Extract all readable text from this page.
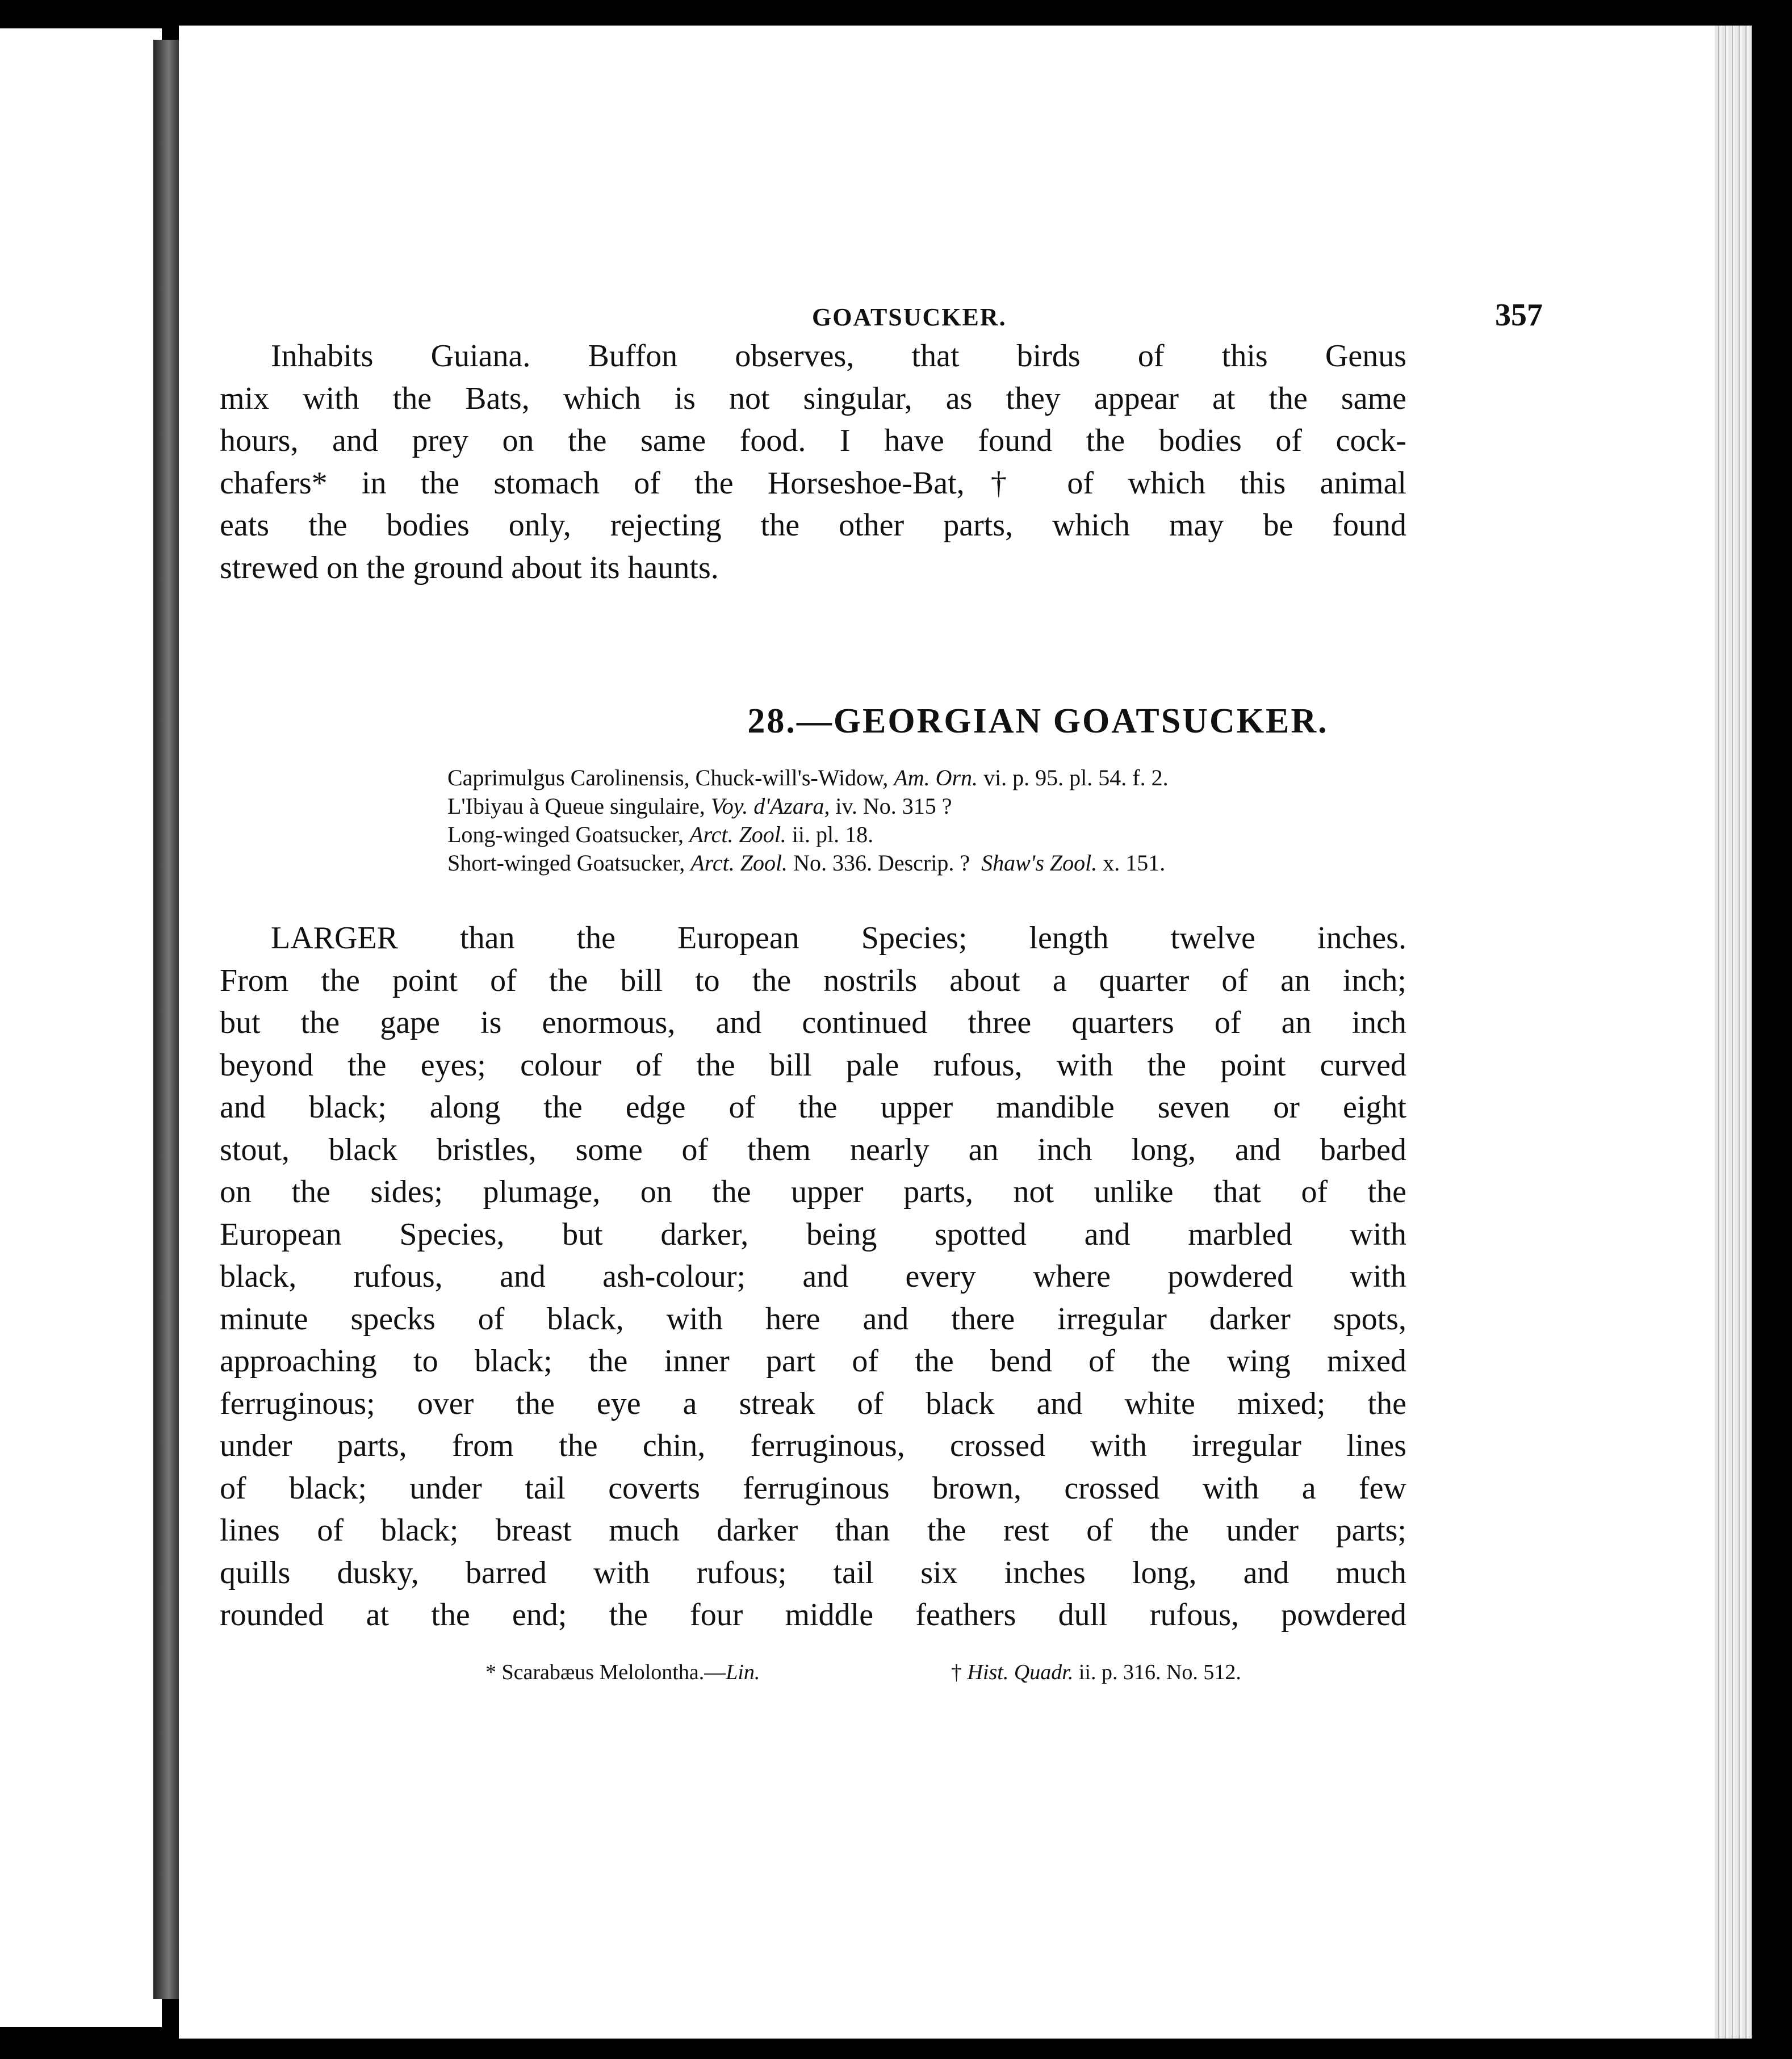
GOATSUCKER.	357
Inhabits Guiana. Buffon observes, that birds of this Genus
mix with the Bats, which is not singular, as they appear at the same
hours, and prey on the same food. I have found the bodies of cock-
chafers* in the stomach of the Horseshoe-Bat,† of which this animal
eats the bodies only, rejecting the other parts, which may be found
strewed on the ground about its haunts.
28.—GEORGIAN GOATSUCKER.
Caprimulgus Carolinensis, Chuck-will's-Widow, Am. Orn. vi. p. 95. pl. 54. f. 2.
L'Ibiyau à Queue singulaire, Voy. d'Azara, iv. No. 315 ?
Long-winged Goatsucker, Arct. Zool. ii. pl. 18.
Short-winged Goatsucker, Arct. Zool. No. 336. Descrip. ?  Shaw's Zool. x. 151.
LARGER than the European Species; length twelve inches.
From the point of the bill to the nostrils about a quarter of an inch;
but the gape is enormous, and continued three quarters of an inch
beyond the eyes; colour of the bill pale rufous, with the point curved
and black; along the edge of the upper mandible seven or eight
stout, black bristles, some of them nearly an inch long, and barbed
on the sides; plumage, on the upper parts, not unlike that of the
European Species, but darker, being spotted and marbled with
black, rufous, and ash-colour; and every where powdered with
minute specks of black, with here and there irregular darker spots,
approaching to black; the inner part of the bend of the wing mixed
ferruginous; over the eye a streak of black and white mixed; the
under parts, from the chin, ferruginous, crossed with irregular lines
of black; under tail coverts ferruginous brown, crossed with a few
lines of black; breast much darker than the rest of the under parts;
quills dusky, barred with rufous; tail six inches long, and much
rounded at the end; the four middle feathers dull rufous, powdered
* Scarabæus Melolontha.—Lin.	† Hist. Quadr. ii. p. 316. No. 512.
